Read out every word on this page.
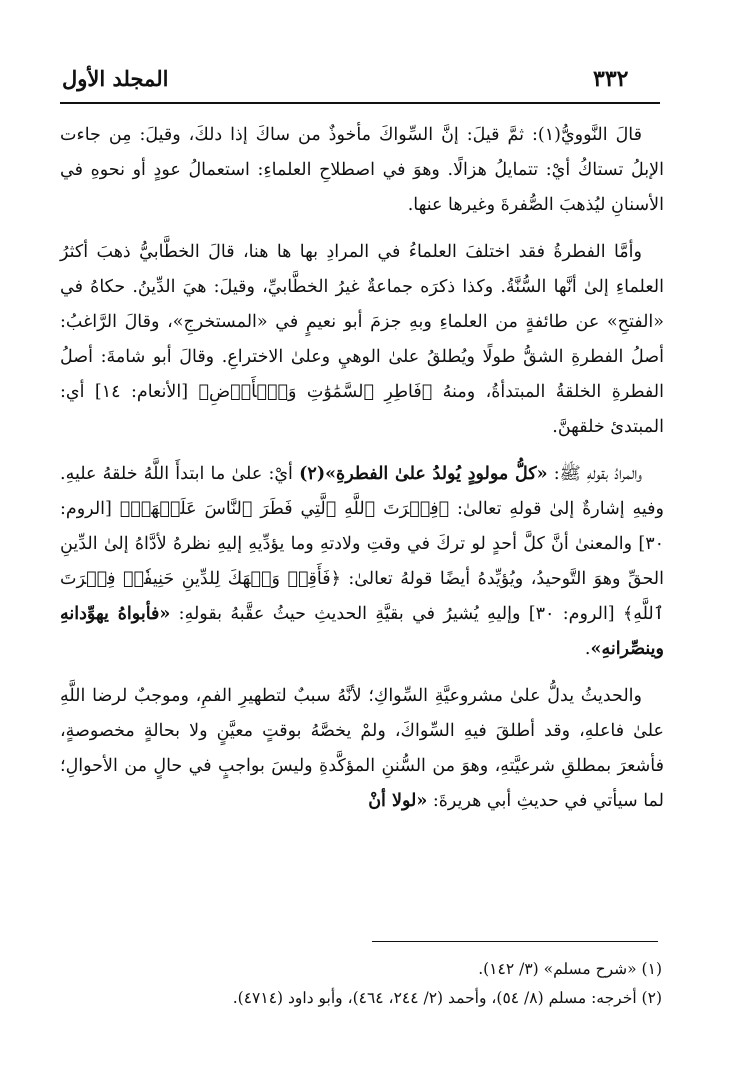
المجلد الأول	٣٣٢

قالَ النَّوويُّ(١): ثمَّ قيلَ: إنَّ السِّواكَ مأخوذٌ من ساكَ إذا دلكَ، وقيلَ: مِن جاءت الإبلُ تستاكُ أيْ: تتمايلُ هزالًا. وهوَ في اصطلاحِ العلماءِ: استعمالُ عودٍ أو نحوهِ في الأسنانِ ليُذهبَ الصُّفرةَ وغيرها عنها.

وأمَّا الفطرةُ فقد اختلفَ العلماءُ في المرادِ بها ها هنا، قالَ الخطَّابيُّ ذهبَ أكثرُ العلماءِ إلىٰ أنَّها السُّنَّةُ. وكذا ذكرَه جماعةٌ غيرُ الخطَّابيِّ، وقيلَ: هيَ الدِّينُ. حكاهُ في «الفتحِ» عن طائفةٍ من العلماءِ وبهِ جزمَ أبو نعيمٍ في «المستخرجِ»، وقالَ الرَّاغبُ: أصلُ الفطرةِ الشقُّ طولًا ويُطلقُ علىٰ الوهيِ وعلىٰ الاختراعِ. وقالَ أبو شامةَ: أصلُ الفطرةِ الخلقةُ المبتدأةُ، ومنهُ ﴿فَاطِرِ ٱلسَّمَٰوَٰتِ وَٱلۡأَرۡضِ﴾ [الأنعام: ١٤] أي: المبتدئ خلقهنَّ.

والمرادُ بقولهِ ﷺ: «كلُّ مولودٍ يُولدُ علىٰ الفطرةِ»(٢) أيْ: علىٰ ما ابتدأَ اللَّهُ خلقهُ عليهِ. وفيهِ إشارةٌ إلىٰ قولهِ تعالىٰ: ﴿فِطۡرَتَ ٱللَّهِ ٱلَّتِي فَطَرَ ٱلنَّاسَ عَلَيۡهَاۚ﴾ [الروم: ٣٠] والمعنىٰ أنَّ كلَّ أحدٍ لو تركَ في وقتِ ولادتهِ وما يؤدِّيهِ إليهِ نظرهُ لأدَّاهُ إلىٰ الدِّينِ الحقِّ وهوَ التَّوحيدُ، ويُؤيِّدهُ أيضًا قولهُ تعالىٰ: ﴿فَأَقِمۡ وَجۡهَكَ لِلدِّينِ حَنِيفٗاۚ فِطۡرَتَ ٱللَّهِ﴾ [الروم: ٣٠] وإليهِ يُشيرُ في بقيَّةِ الحديثِ حيثُ عقَّبهُ بقولهِ: «فأبواهُ يهوِّدانهِ وينصِّرانهِ».

والحديثُ يدلُّ علىٰ مشروعيَّةِ السِّواكِ؛ لأنَّهُ سببٌ لتطهيرِ الفمِ، وموجبٌ لرضا اللَّهِ علىٰ فاعلهِ، وقد أطلقَ فيهِ السِّواكَ، ولمْ يخصَّهُ بوقتٍ معيَّنٍ ولا بحالةٍ مخصوصةٍ، فأشعرَ بمطلقِ شرعيَّتهِ، وهوَ من السُّننِ المؤكَّدةِ وليسَ بواجبٍ في حالٍ من الأحوالِ؛ لما سيأتي في حديثِ أبي هريرةَ: «لولا أنْ

(١) «شرح مسلم» (٣/ ١٤٢).
(٢) أخرجه: مسلم (٨/ ٥٤)، وأحمد (٢/ ٢٤٤، ٤٦٤)، وأبو داود (٤٧١٤).
